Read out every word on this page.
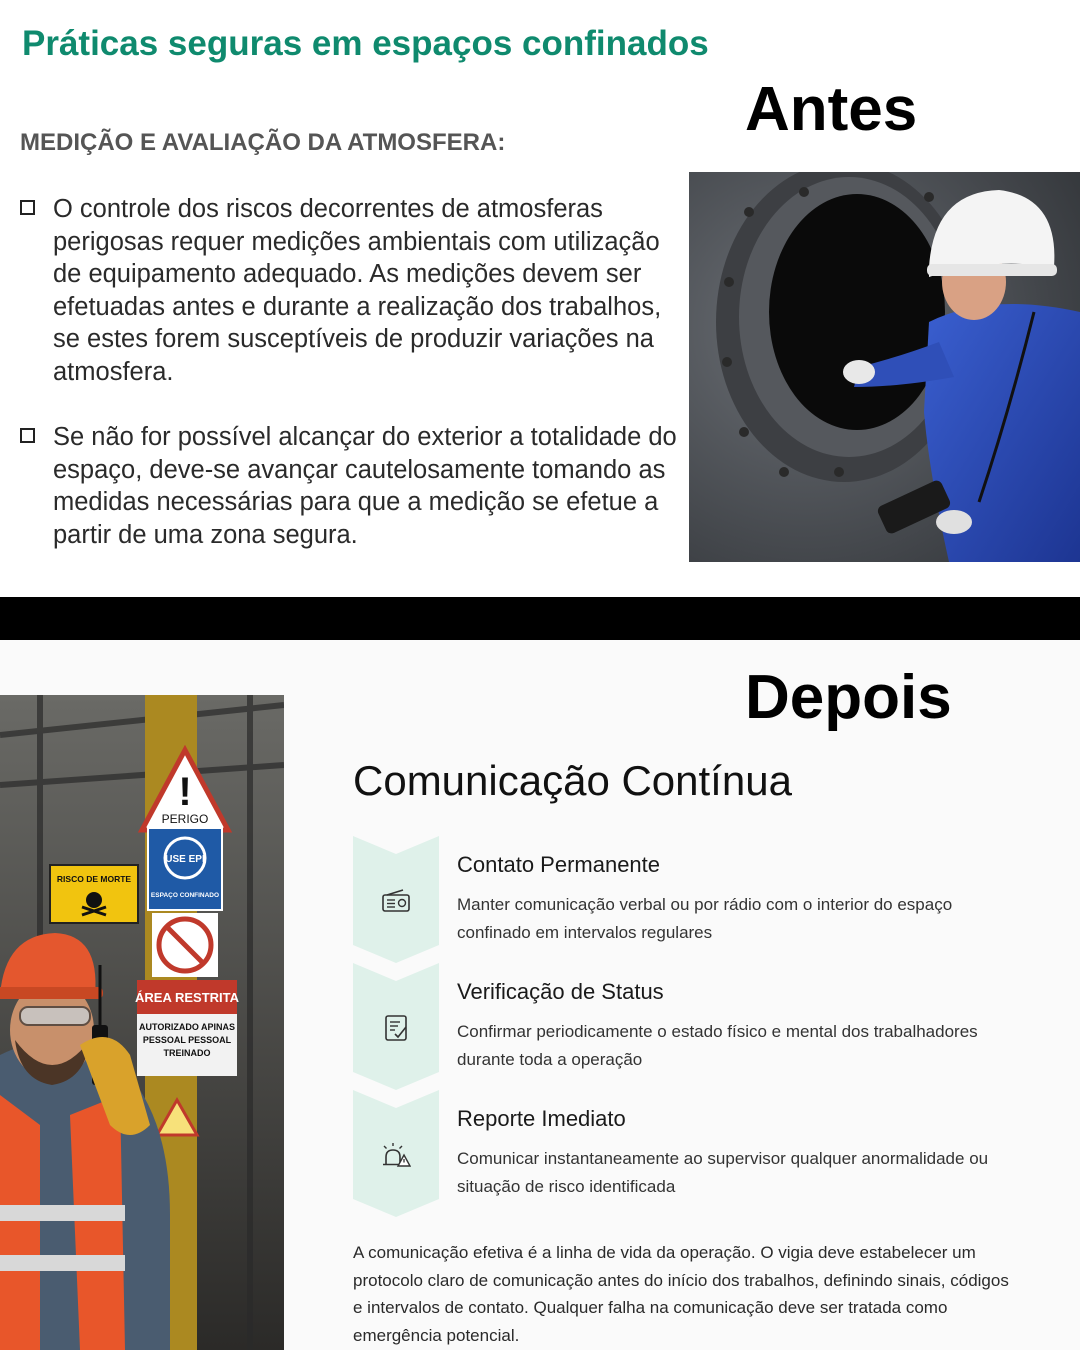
Práticas seguras em espaços confinados
Antes
MEDIÇÃO E AVALIAÇÃO DA ATMOSFERA:
O controle dos riscos decorrentes de atmosferas perigosas requer medições ambientais com utilização de equipamento adequado. As medições devem ser efetuadas antes e durante a realização dos trabalhos, se estes forem susceptíveis de produzir variações na atmosfera.
Se não for possível alcançar do exterior a totalidade do espaço, deve-se avançar cautelosamente tomando as medidas necessárias para que a medição se efetue a partir de uma zona segura.
!
PERIGO
USE EPI
ESPAÇO CONFINADO
RISCO DE MORTE
ÁREA RESTRITA
AUTORIZADO APINAS PESSOAL PESSOAL TREINADO
Depois
Comunicação Contínua
Contato Permanente
Manter comunicação verbal ou por rádio com o interior do espaço confinado em intervalos regulares
Verificação de Status
Confirmar periodicamente o estado físico e mental dos trabalhadores durante toda a operação
Reporte Imediato
Comunicar instantaneamente ao supervisor qualquer anormalidade ou situação de risco identificada
A comunicação efetiva é a linha de vida da operação. O vigia deve estabelecer um protocolo claro de comunicação antes do início dos trabalhos, definindo sinais, códigos e intervalos de contato. Qualquer falha na comunicação deve ser tratada como emergência potencial.
